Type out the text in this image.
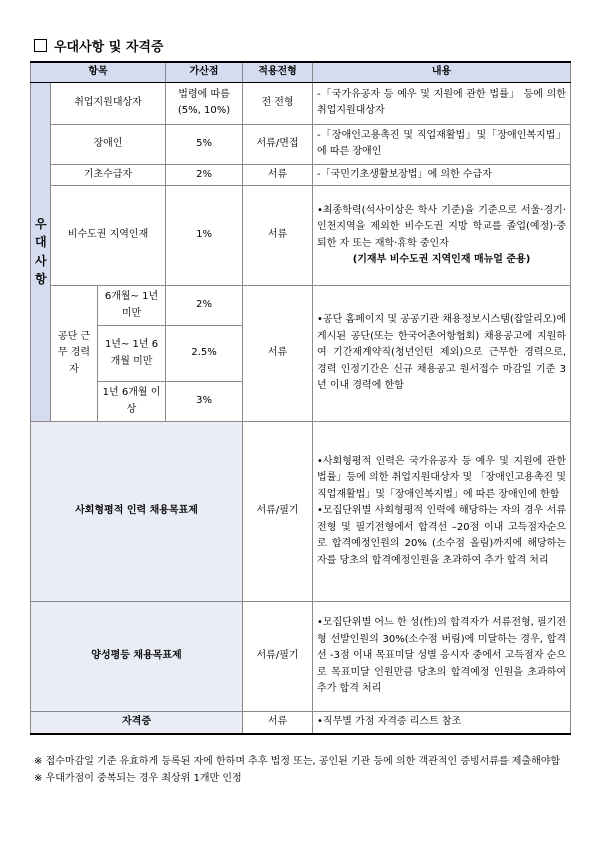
우대사항 및 자격증
항목			가산점	적용전형	내용

우
대
사
항	취업지원대상자		법령에 따름 (5%, 10%)	전 전형	-「국가유공자 등 예우 및 지원에 관한 법률」 등에 의한 취업지원대상자
	장애인		5%	서류/면접	-「장애인고용촉진 및 직업재활법」및「장애인복지법」에 따른 장애인
	기초수급자		2%	서류	-「국민기초생활보장법」에 의한 수급자
	비수도권 지역인재		1%	서류	•최종학력(석사이상은 학사 기준)을 기준으로 서울·경기·인천지역을 제외한 비수도권 지방 학교를 졸업(예정)·중퇴한 자 또는 재학·휴학 중인자
(기재부 비수도권 지역인재 매뉴얼 준용)

	공단 근무 경력자	6개월~ 1년 미만	2%	서류	•공단 홈페이지 및 공공기관 채용정보시스템(잡알리오)에 게시된 공단(또는 한국어촌어항협회) 채용공고에 지원하여 기간제계약직(청년인턴 제외)으로 근무한 경력으로, 경력 인정기간은 신규 채용공고 원서접수 마감일 기준 3년 이내 경력에 한함
		1년~ 1년 6개월 미만	2.5%		
		1년 6개월 이상	3%		
사회형평적 인력 채용목표제				서류/필기	•사회형평적 인력은 국가유공자 등 예우 및 지원에 관한 법률」등에 의한 취업지원대상자 및 「장애인고용촉진 및 직업재활법」및「장애인복지법」에 따른 장애인에 한함
•모집단위별 사회형평적 인력에 해당하는 자의 경우 서류전형 및 필기전형에서 합격선 –20점 이내 고득점자순으로 합격예정인원의 20% (소수점 올림)까지에 해당하는 자를 당초의 합격예정인원을 초과하여 추가 합격 처리

양성평등 채용목표제				서류/필기	•모집단위별 어느 한 성(性)의 합격자가 서류전형, 필기전형 선발인원의 30%(소수점 버림)에 미달하는 경우, 합격선 -3점 이내 목표미달 성별 응시자 중에서 고득점자 순으로 목표미달 인원만큼 당초의 합격예정 인원을 초과하여 추가 합격 처리
자격증				서류	•직무별 가점 자격증 리스트 참조
※ 접수마감일 기준 유효하게 등록된 자에 한하며 추후 법정 또는, 공인된 기관 등에 의한 객관적인 증빙서류를 제출해야함
※ 우대가점이 중복되는 경우 최상위 1개만 인정
